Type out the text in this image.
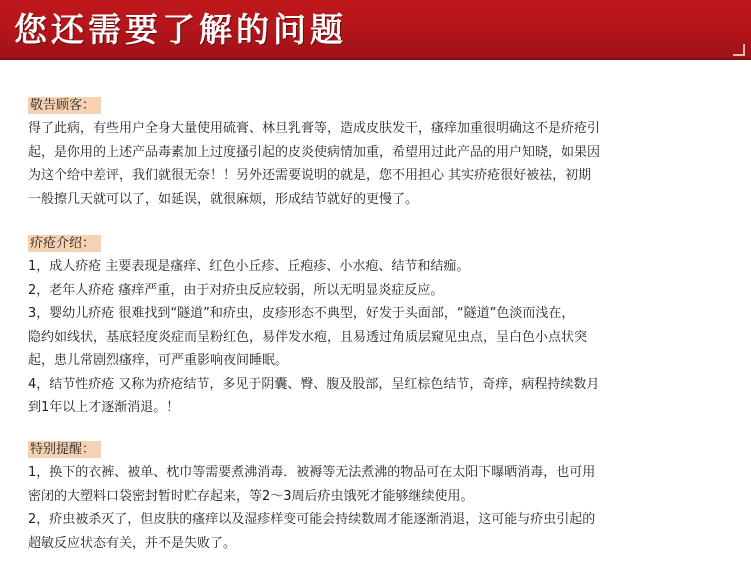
您还需要了解的问题
敬告顾客：

得了此病，有些用户全身大量使用硫膏、林旦乳膏等，造成皮肤发干，瘙痒加重很明确这不是疥疮引

起，是你用的上述产品毒素加上过度搔引起的皮炎使病情加重，希望用过此产品的用户知晓，如果因

为这个给中差评，我们就很无奈！！另外还需要说明的就是，您不用担心 其实疥疮很好被祛，初期

一般擦几天就可以了，如延误，就很麻烦，形成结节就好的更慢了。

疥疮介绍：

1，成人疥疮 主要表现是瘙痒、红色小丘疹、丘疱疹、小水疱、结节和结痂。

2，老年人疥疮 瘙痒严重，由于对疥虫反应较弱，所以无明显炎症反应。

3，婴幼儿疥疮 很难找到“隧道”和疥虫，皮疹形态不典型，好发于头面部，“隧道”色淡而浅在，

隐约如线状，基底轻度炎症而呈粉红色，易伴发水疱，且易透过角质层窥见虫点，呈白色小点状突

起，患儿常剧烈瘙痒，可严重影响夜间睡眠。

4，结节性疥疮 又称为疥疮结节，多见于阴囊、臀、腹及股部，呈红棕色结节，奇痒，病程持续数月

到1年以上才逐渐消退。！

特别提醒：

1，换下的衣裤、被单、枕巾等需要煮沸消毒．被褥等无法煮沸的物品可在太阳下曝晒消毒，也可用

密闭的大塑料口袋密封暂时贮存起来，等2～3周后疥虫饿死才能够继续使用。

2，疥虫被杀灭了，但皮肤的瘙痒以及湿疹样变可能会持续数周才能逐渐消退，这可能与疥虫引起的

超敏反应状态有关，并不是失败了。
